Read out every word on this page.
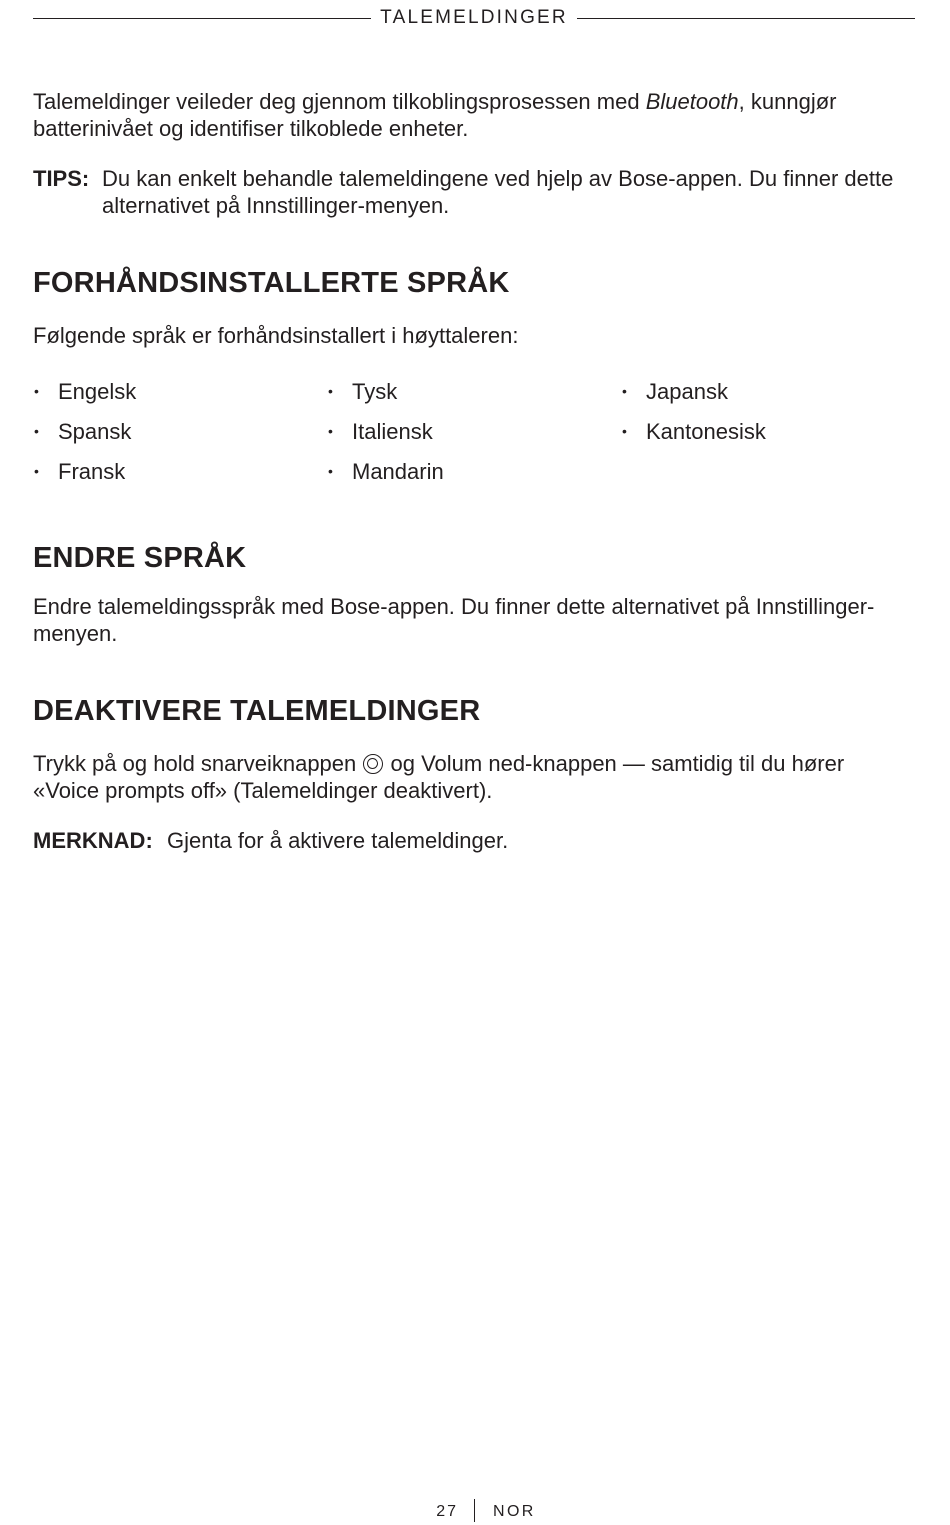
TALEMELDINGER

Talemeldinger veileder deg gjennom tilkoblingsprosessen med Bluetooth, kunngjør batterinivået og identifiser tilkoblede enheter.

TIPS: Du kan enkelt behandle talemeldingene ved hjelp av Bose-appen. Du finner dette alternativet på Innstillinger-menyen.
FORHÅNDSINSTALLERTE SPRÅK

Følgende språk er forhåndsinstallert i høyttaleren:

• Engelsk
• Spansk
• Fransk
• Tysk
• Italiensk
• Mandarin
• Japansk
• Kantonesisk
ENDRE SPRÅK

Endre talemeldingsspråk med Bose-appen. Du finner dette alternativet på Innstillinger-menyen.

DEAKTIVERE TALEMELDINGER

Trykk på og hold snarveiknappen  og Volum ned-knappen — samtidig til du hører «Voice prompts off» (Talemeldinger deaktivert).

MERKNAD: Gjenta for å aktivere talemeldinger.
27 NOR
